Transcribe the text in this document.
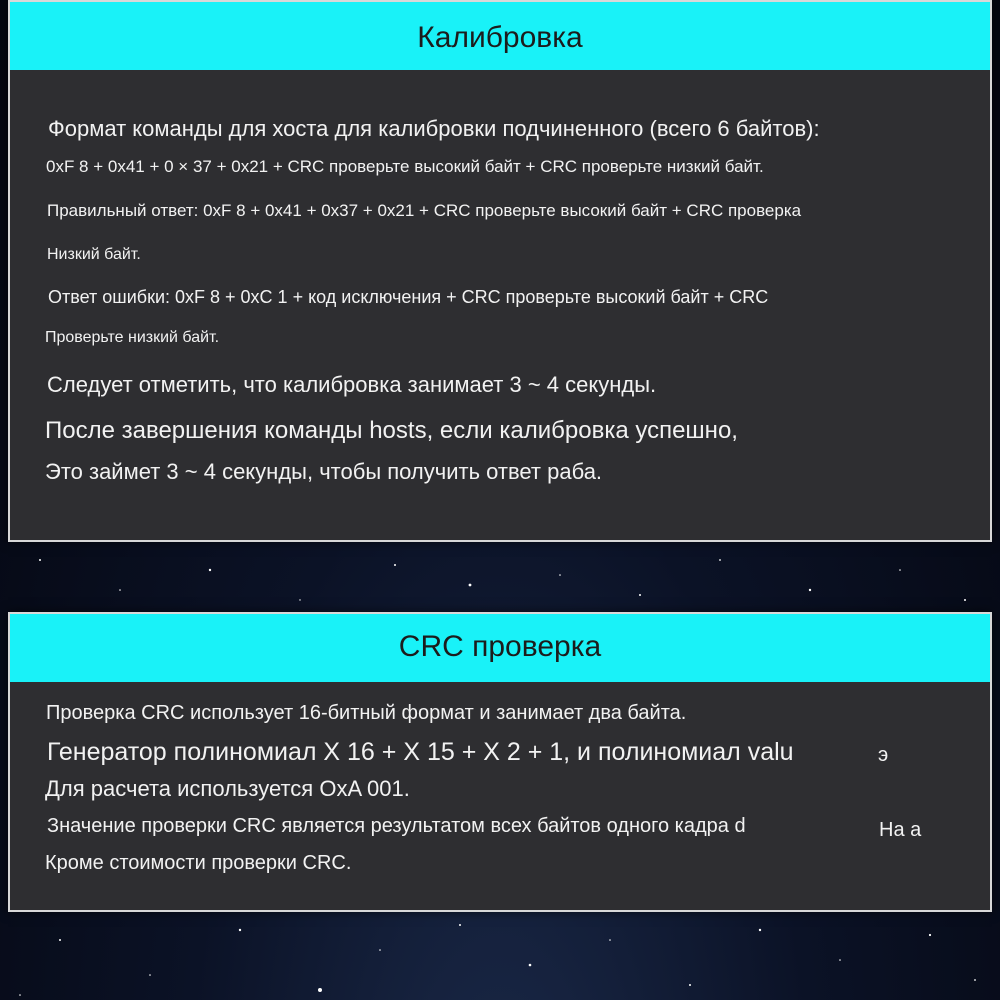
Калибровка
Формат команды для хоста для калибровки подчиненного (всего 6 байтов):
0xF 8 + 0x41 + 0 × 37 + 0x21 + CRC проверьте высокий байт + CRC проверьте низкий байт.
Правильный ответ: 0xF 8 + 0x41 + 0x37 + 0x21 + CRC проверьте высокий байт + CRC проверка
Низкий байт.
Ответ ошибки: 0xF 8 + 0xC 1 + код исключения + CRC проверьте высокий байт + CRC
Проверьте низкий байт.
Следует отметить, что калибровка занимает 3 ~ 4 секунды.
После завершения команды hosts, если калибровка успешно,
Это займет 3 ~ 4 секунды, чтобы получить ответ раба.
CRC проверка
Проверка CRC использует 16-битный формат и занимает два байта.
Генератор полиномиал X 16 + X 15 + X 2 + 1, и полиномиал valu	э
Для расчета используется OxA 001.
Значение проверки CRC является результатом всех байтов одного кадра d	На а
Кроме стоимости проверки CRC.
